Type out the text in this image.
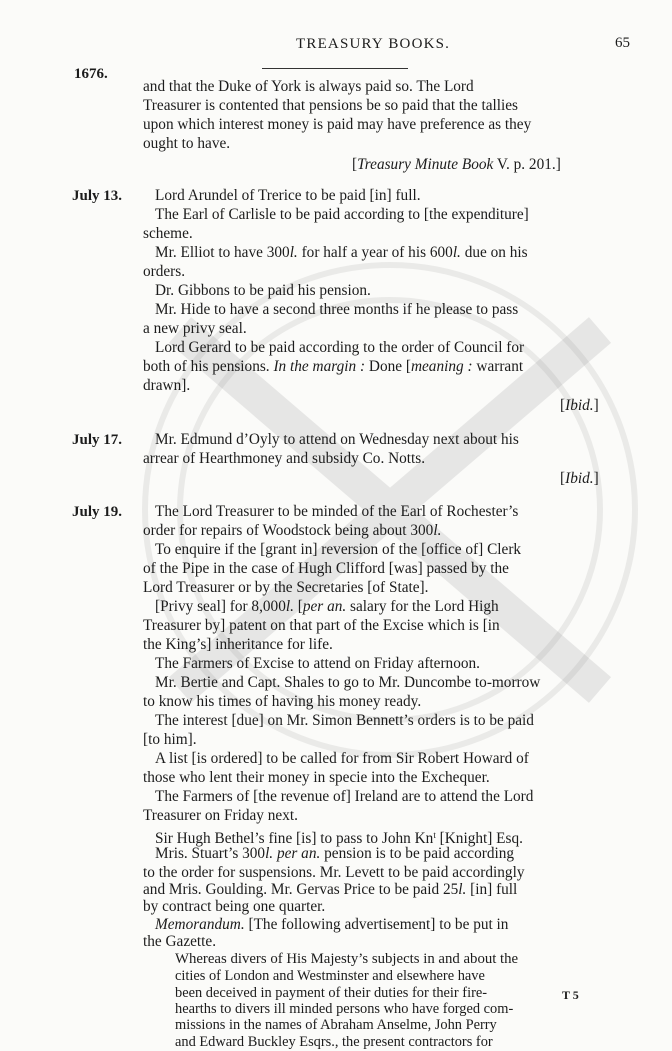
TREASURY BOOKS.	65
1676.
and that the Duke of York is always paid so. The Lord
Treasurer is contented that pensions be so paid that the tallies
upon which interest money is paid may have preference as they
ought to have.
[Treasury Minute Book V. p. 201.]
July 13. Lord Arundel of Trerice to be paid [in] full.
The Earl of Carlisle to be paid according to [the expenditure]
scheme.
Mr. Elliot to have 300l. for half a year of his 600l. due on his
orders.
Dr. Gibbons to be paid his pension.
Mr. Hide to have a second three months if he please to pass
a new privy seal.
Lord Gerard to be paid according to the order of Council for
both of his pensions. In the margin : Done [meaning : warrant
drawn].
[Ibid.]
July 17. Mr. Edmund d’Oyly to attend on Wednesday next about his
arrear of Hearthmoney and subsidy Co. Notts.
[Ibid.]
July 19. The Lord Treasurer to be minded of the Earl of Rochester’s
order for repairs of Woodstock being about 300l.
To enquire if the [grant in] reversion of the [office of] Clerk
of the Pipe in the case of Hugh Clifford [was] passed by the
Lord Treasurer or by the Secretaries [of State].
[Privy seal] for 8,000l. [per an. salary for the Lord High
Treasurer by] patent on that part of the Excise which is [in
the King’s] inheritance for life.
The Farmers of Excise to attend on Friday afternoon.
Mr. Bertie and Capt. Shales to go to Mr. Duncombe to-morrow
to know his times of having his money ready.
The interest [due] on Mr. Simon Bennett’s orders is to be paid
[to him].
A list [is ordered] to be called for from Sir Robert Howard of
those who lent their money in specie into the Exchequer.
The Farmers of [the revenue of] Ireland are to attend the Lord
Treasurer on Friday next.
Sir Hugh Bethel’s fine [is] to pass to John Kn$^t$ [Knight] Esq.
Mris. Stuart’s 300l. per an. pension is to be paid according
to the order for suspensions. Mr. Levett to be paid accordingly
and Mris. Goulding. Mr. Gervas Price to be paid 25l. [in] full
by contract being one quarter.
Memorandum. [The following advertisement] to be put in
the Gazette.
Whereas divers of His Majesty’s subjects in and about the
T 5
cities of London and Westminster and elsewhere have
been deceived in payment of their duties for their fire-
hearths to divers ill minded persons who have forged com-
missions in the names of Abraham Anselme, John Perry
and Edward Buckley Esqrs., the present contractors for
